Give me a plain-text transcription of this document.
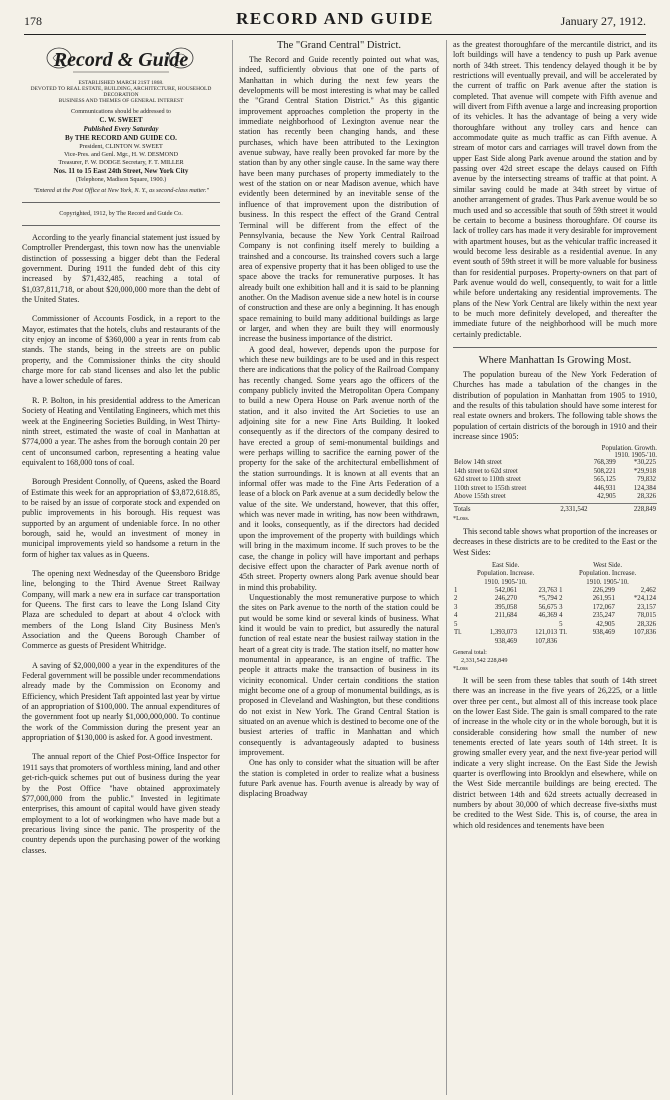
178	RECORD AND GUIDE	January 27, 1912.
Record & Guide

ESTABLISHED MARCH 21ST 1868.

DEVOTED TO REAL ESTATE, BUILDING, ARCHITECTURE, HOUSEHOLD DECORATION

BUSINESS AND THEMES OF GENERAL INTEREST

Communications should be addressed to

C. W. SWEET

Published Every Saturday

By THE RECORD AND GUIDE CO.

President, CLINTON W. SWEET

Vice-Pres. and Genl. Mgr., H. W. DESMOND

Treasurer, F. W. DODGE Secretary, F. T. MILLER

Nos. 11 to 15 East 24th Street, New York City

(Telephone, Madison Square, 1900.)

"Entered at the Post Office at New York, N. Y., as second-class matter."

Copyrighted, 1912, by The Record and Guide Co.

According to the yearly financial statement just issued by Comptroller Prendergast, this town now has the unenviable distinction of possessing a bigger debt than the Federal government. During 1911 the funded debt of this city increased by $71,432,485, reaching a total of $1,037,811,718, or about $20,000,000 more than the debt of the United States.

Commissioner of Accounts Fosdick, in a report to the Mayor, estimates that the hotels, clubs and restaurants of the city enjoy an income of $360,000 a year in rents from cab stands. The stands, being in the streets are on public property, and the Commissioner thinks the city should charge more for cab stand licenses and also let the public have a lower schedule of fares.

R. P. Bolton, in his presidential address to the American Society of Heating and Ventilating Engineers, which met this week at the Engineering Societies Building, in West Thirty-ninth street, estimated the waste of coal in Manhattan at $774,000 a year. The ashes from the borough contain 20 per cent of unconsumed carbon, representing a heating value equivalent to 168,000 tons of coal.

Borough President Connolly, of Queens, asked the Board of Estimate this week for an appropriation of $3,872,618.85, to be raised by an issue of corporate stock and expended on public improvements in his borough. His request was supported by an argument of undeniable force. In no other borough, said he, would an investment of money in municipal improvements yield so handsome a return in the form of higher tax values as in Queens.

The opening next Wednesday of the Queensboro Bridge line, belonging to the Third Avenue Street Railway Company, will mark a new era in surface car transportation for Queens. The first cars to leave the Long Island City Plaza are scheduled to depart at about 4 o'clock with members of the Long Island City Business Men's Association and the Queens Borough Chamber of Commerce as guests of President Whitridge.

A saving of $2,000,000 a year in the expenditures of the Federal government will be possible under recommendations already made by the Commission on Economy and Efficiency, which President Taft appointed last year by virtue of an appropriation of $100,000. The annual expenditures of the government foot up nearly $1,000,000,000. To continue the work of the Commission during the present year an appropriation of $130,000 is asked for. A good investment.

The annual report of the Chief Post-Office Inspector for 1911 says that promoters of worthless mining, land and other get-rich-quick schemes put out of business during the year by the Post Office "have obtained approximately $77,000,000 from the public." Invested in legitimate enterprises, this amount of capital would have given steady employment to a lot of workingmen who have made but a precarious living since the panic. The prosperity of the country depends upon the purchasing power of the working classes.

The "Grand Central" District.

The Record and Guide recently pointed out what was, indeed, sufficiently obvious that one of the parts of Manhattan in which during the next few years the developments will be most interesting is what may be called the "Grand Central Station District." As this gigantic improvement approaches completion the property in the immediate neighborhood of Lexington avenue near the station has recently been changing hands, and these purchases, which have been attributed to the Lexington avenue subway, have really been provoked far more by the station than by any other single cause. In the same way there have been many purchases of property immediately to the west of the station on or near Madison avenue, which have evidently been determined by an inevitable sense of the influence of that improvement upon the distribution of business. In this respect the effect of the Grand Central Terminal will be different from the effect of the Pennsylvania, because the New York Central Railroad Company is not confining itself merely to building a trainshed and a concourse. Its trainshed covers such a large area of expensive property that it has been obliged to use the space above the tracks for remunerative purposes. It has already built one exhibition hall and it is said to be planning another. On the Madison avenue side a new hotel is in course of construction and these are only a beginning. It has enough space remaining to build many additional buildings as large or larger, and when they are built they will enormously increase the business importance of the district.

A good deal, however, depends upon the purpose for which these new buildings are to be used and in this respect there are indications that the policy of the Railroad Company has recently changed. Some years ago the officers of the company publicly invited the Metropolitan Opera Company to build a new Opera House on Park avenue north of the station, and it also invited the Art Societies to use an adjoining site for a new Fine Arts Building. It looked consequently as if the directors of the company desired to have erected a group of semi-monumental buildings and were perhaps willing to sacrifice the earning power of the property for the sake of the architectural embellishment of the station surroundings. It is known at all events that an informal offer was made to the Fine Arts Federation of a lease of a block on Park avenue at a sum decidedly below the value of the site. We understand, however, that this offer, which was never made in writing, has now been withdrawn, and it looks, consequently, as if the directors had decided upon the improvement of the property with buildings which will bring in the maximum income. If such proves to be the case, the change in policy will have important and perhaps decisive effect upon the character of Park avenue north of 45th street. Property owners along Park avenue should bear in mind this probability.

Unquestionably the most remunerative purpose to which the sites on Park avenue to the north of the station could be put would be some kind or several kinds of business. What kind it would be vain to predict, but assuredly the natural function of real estate near the busiest railway station in the heart of a great city is trade. The station itself, no matter how monumental in appearance, is an engine of traffic. The people it attracts make the transaction of business in its vicinity economical. Under certain conditions the station might become one of a group of monumental buildings, as is proposed in Cleveland and Washington, but these conditions do not exist in New York. The Grand Central Station is situated on an avenue which is destined to become one of the busiest arteries of traffic in Manhattan and which consequently is advantageously adapted to business improvement.

One has only to consider what the situation will be after the station is completed in order to realize what a business future Park avenue has. Fourth avenue is already by way of displacing Broadway

as the greatest thoroughfare of the mercantile district, and its loft buildings will have a tendency to push up Park avenue north of 34th street. This tendency delayed though it be by restrictions will eventually prevail, and will be accelerated by the current of traffic on Park avenue after the station is completed. That avenue will compete with Fifth avenue and will divert from Fifth avenue a large and increasing proportion of its vehicles. It has the advantage of being a very wide thoroughfare without any trolley cars and hence can accommodate quite as much traffic as can Fifth avenue. A stream of motor cars and carriages will travel down from the upper East Side along Park avenue around the station and by passing over 42d street escape the delays caused on Fifth avenue by the intersecting streams of traffic at that point. A similar saving could be made at 34th street by virtue of another arrangement of grades. Thus Park avenue would be so much used and so accessible that south of 59th street it would be certain to become a business thoroughfare. Of course its lack of trolley cars has made it very desirable for improvement with apartment houses, but as the vehicular traffic increased it would become less desirable as a residential avenue. In any event south of 59th street it will be more valuable for business than for residential purposes. Property-owners on that part of Park avenue would do well, consequently, to wait for a little while before undertaking any residential improvements. The plans of the New York Central are likely within the next year to be much more definitely developed, and thereafter the immediate future of the neighborhood will be much more certainly predictable.

Where Manhattan Is Growing Most.

The population bureau of the New York Federation of Churches has made a tabulation of the changes in the distribution of population in Manhattan from 1905 to 1910, and the results of this tabulation should have some interest for real estate owners and brokers. The following table shows the population of certain districts of the borough in 1910 and their increase since 1905:

Population. Growth.
1910. 1905-'10.
Below 14th street	768,399	*30,225
14th street to 62d street	508,221	*29,918
62d street to 110th street	565,125	79,832
110th street to 155th street	446,931	124,384
Above 155th street	42,905	28,326
Totals	2,331,542	228,849

*Loss.

This second table shows what proportion of the increases or decreases in these districts are to be credited to the East or the West Sides:

East Side.			West Side.		
Population. Increase.			Population. Increase.		
1910. 1905-'10.			1910. 1905-'10.		
1	542,061	23,763	1	226,299	2,462
2	246,270	*5,794	2	261,951	*24,124
3	395,058	56,675	3	172,067	23,157
4	211,684	46,369	4	235,247	78,015
5			5	42,905	28,326
Tl.	1,393,073	121,013	Tl.	938,469	107,836
	938,469	107,836			

General total:

2,331,542 228,849

*Loss

It will be seen from these tables that south of 14th street there was an increase in the five years of 26,225, or a little over three per cent., but almost all of this increase took place on the lower East Side. The gain is small compared to the rate of increase in the whole city or in the whole borough, but it is considerable considering how small the number of new tenements erected of late years south of 14th street. It is growing smaller every year, and the next five-year period will indicate a very slight increase. On the East Side the Jewish quarter is overflowing into Brooklyn and elsewhere, while on the West Side mercantile buildings are being erected. The district between 14th and 62d streets actually decreased in numbers by about 30,000 of which decrease five-sixths must be credited to the West Side. This is, of course, the area in which old residences and tenements have been
